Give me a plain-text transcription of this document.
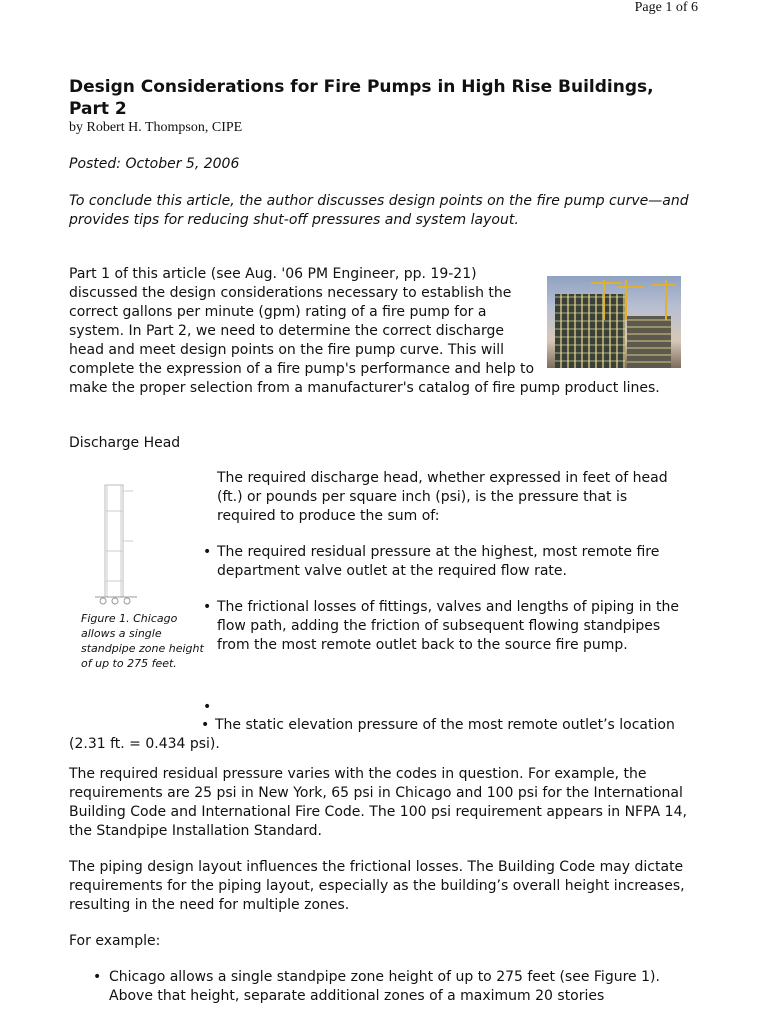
Page 1 of 6
Design Considerations for Fire Pumps in High Rise Buildings, Part 2

by Robert H. Thompson, CIPE

Posted: October 5, 2006

To conclude this article, the author discusses design points on the fire pump curve—and provides tips for reducing shut-off pressures and system layout.

Part 1 of this article (see Aug. '06 PM Engineer, pp. 19-21) discussed the design considerations necessary to establish the correct gallons per minute (gpm) rating of a fire pump for a system. In Part 2, we need to determine the correct discharge head and meet design points on the fire pump curve. This will complete the expression of a fire pump's performance and help to make the proper selection from a manufacturer's catalog of fire pump product lines.

Discharge Head
Figure 1. Chicago allows a single standpipe zone height of up to 275 feet.

The required discharge head, whether expressed in feet of head (ft.) or pounds per square inch (psi), is the pressure that is required to produce the sum of:

• The required residual pressure at the highest, most remote fire department valve outlet at the required flow rate.
• The frictional losses of fittings, valves and lengths of piping in the flow path, adding the friction of subsequent flowing standpipes from the most remote outlet back to the source fire pump.
•

• The static elevation pressure of the most remote outlet’s location (2.31 ft. = 0.434 psi).

The required residual pressure varies with the codes in question. For example, the requirements are 25 psi in New York, 65 psi in Chicago and 100 psi for the International Building Code and International Fire Code. The 100 psi requirement appears in NFPA 14, the Standpipe Installation Standard.

The piping design layout influences the frictional losses. The Building Code may dictate requirements for the piping layout, especially as the building’s overall height increases, resulting in the need for multiple zones.

For example:

• Chicago allows a single standpipe zone height of up to 275 feet (see Figure 1). Above that height, separate additional zones of a maximum 20 stories
